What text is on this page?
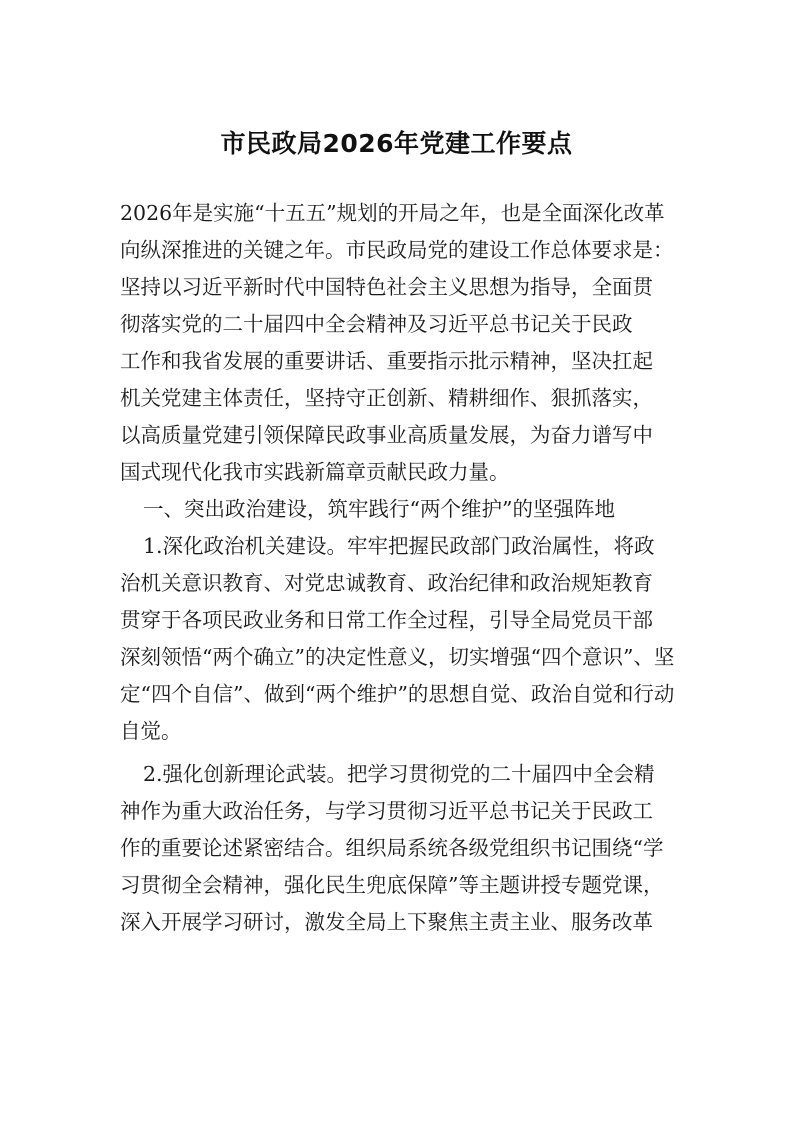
市民政局2026年党建工作要点
2026年是实施“十五五”规划的开局之年，也是全面深化改革
向纵深推进的关键之年。市民政局党的建设工作总体要求是：
坚持以习近平新时代中国特色社会主义思想为指导，全面贯
彻落实党的二十届四中全会精神及习近平总书记关于民政
工作和我省发展的重要讲话、重要指示批示精神，坚决扛起
机关党建主体责任，坚持守正创新、精耕细作、狠抓落实，
以高质量党建引领保障民政事业高质量发展，为奋力谱写中
国式现代化我市实践新篇章贡献民政力量。
一、突出政治建设，筑牢践行“两个维护”的坚强阵地
1.深化政治机关建设。牢牢把握民政部门政治属性，将政
治机关意识教育、对党忠诚教育、政治纪律和政治规矩教育
贯穿于各项民政业务和日常工作全过程，引导全局党员干部
深刻领悟“两个确立”的决定性意义，切实增强“四个意识”、坚
定“四个自信”、做到“两个维护”的思想自觉、政治自觉和行动
自觉。
2.强化创新理论武装。把学习贯彻党的二十届四中全会精
神作为重大政治任务，与学习贯彻习近平总书记关于民政工
作的重要论述紧密结合。组织局系统各级党组织书记围绕“学
习贯彻全会精神，强化民生兜底保障”等主题讲授专题党课，
深入开展学习研讨，激发全局上下聚焦主责主业、服务改革
